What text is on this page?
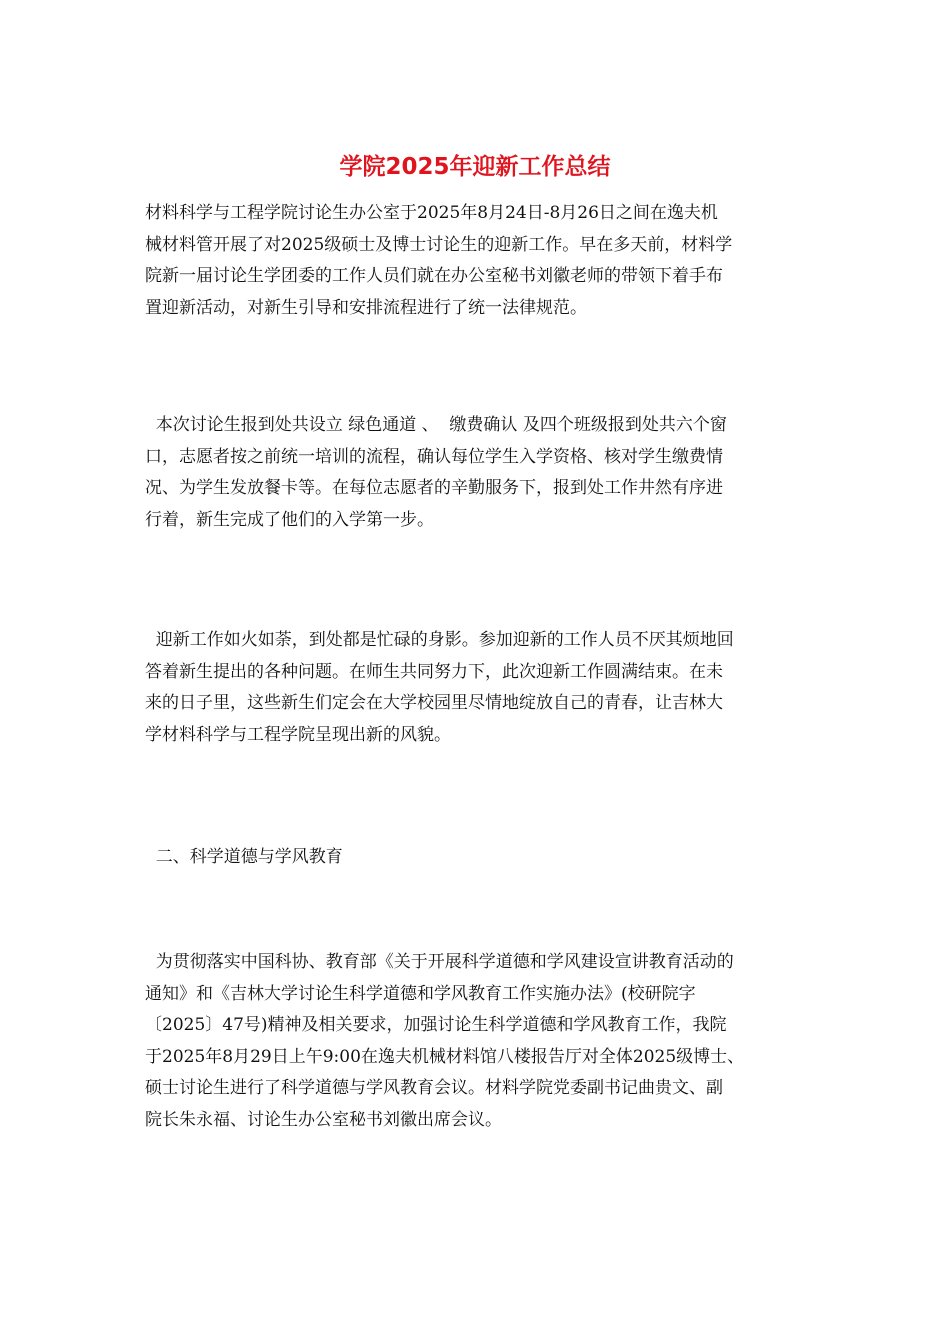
学院2025年迎新工作总结
材料科学与工程学院讨论生办公室于2025年8月24日-8月26日之间在逸夫机
械材料管开展了对2025级硕士及博士讨论生的迎新工作。早在多天前，材料学
院新一届讨论生学团委的工作人员们就在办公室秘书刘徽老师的带领下着手布
置迎新活动，对新生引导和安排流程进行了统一法律规范。
本次讨论生报到处共设立 绿色通道 、  缴费确认 及四个班级报到处共六个窗
口，志愿者按之前统一培训的流程，确认每位学生入学资格、核对学生缴费情
况、为学生发放餐卡等。在每位志愿者的辛勤服务下，报到处工作井然有序进
行着，新生完成了他们的入学第一步。
迎新工作如火如荼，到处都是忙碌的身影。参加迎新的工作人员不厌其烦地回
答着新生提出的各种问题。在师生共同努力下，此次迎新工作圆满结束。在未
来的日子里，这些新生们定会在大学校园里尽情地绽放自己的青春，让吉林大
学材料科学与工程学院呈现出新的风貌。
二、科学道德与学风教育
为贯彻落实中国科协、教育部《关于开展科学道德和学风建设宣讲教育活动的
通知》和《吉林大学讨论生科学道德和学风教育工作实施办法》(校研院字
〔2025〕47号)精神及相关要求，加强讨论生科学道德和学风教育工作，我院
于2025年8月29日上午9:00在逸夫机械材料馆八楼报告厅对全体2025级博士、
硕士讨论生进行了科学道德与学风教育会议。材料学院党委副书记曲贵文、副
院长朱永福、讨论生办公室秘书刘徽出席会议。
